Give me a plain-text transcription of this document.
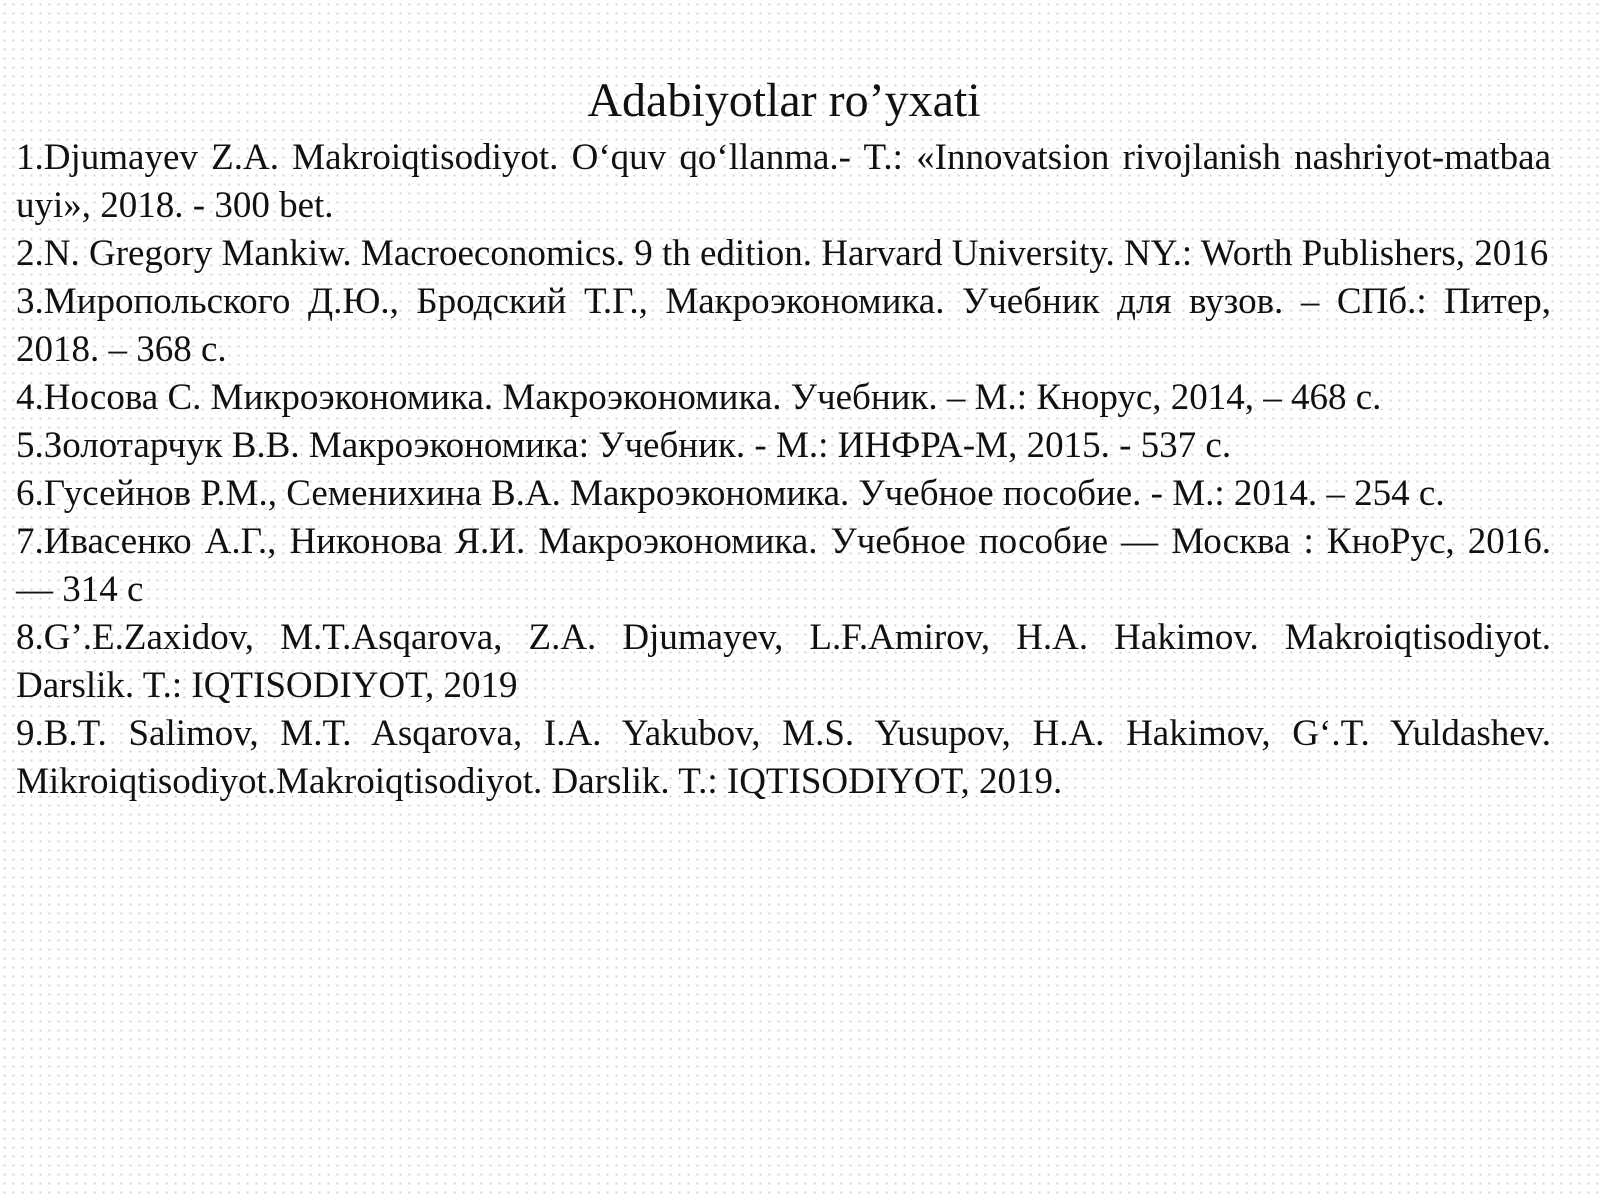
Adabiyotlar ro’yxati
1.Djumayev Z.A. Makroiqtisodiyot. O‘quv qo‘llanma.- T.: «Innovatsion rivojlanish nashriyot-matbaa uyi», 2018. - 300 bet.
2.N. Gregory Mankiw. Macroeconomics. 9 th edition. Harvard University. NY.: Worth Publishers, 2016
3.Миропольского Д.Ю., Бродский Т.Г., Макроэкономика. Учебник для вузов. – СПб.: Питер, 2018. – 368 с.
4.Носова С. Микроэкономика. Макроэкономика. Учебник. – М.: Кнорус, 2014, – 468 с.
5.Золотарчук В.В. Макроэкономика: Учебник. - М.: ИНФРА-М, 2015. - 537 с.
6.Гусейнов Р.М., Семенихина В.А. Макроэкономика. Учебное пособие. - М.: 2014. – 254 с.
7.Ивасенко А.Г., Никонова Я.И. Макроэкономика. Учебное пособие — Москва : КноРус, 2016. — 314 с
8.G’.E.Zaxidov, M.T.Asqarova, Z.A. Djumayev, L.F.Amirov, H.A. Hakimov. Makroiqtisodiyot. Darslik. T.: IQTISODIYOT, 2019
9.B.T. Salimov, M.T. Asqarova, I.A. Yakubov, M.S. Yusupov, H.A. Hakimov, G‘.T. Yuldashev. Mikroiqtisodiyot.Makroiqtisodiyot. Darslik. T.: IQTISODIYOT, 2019.
